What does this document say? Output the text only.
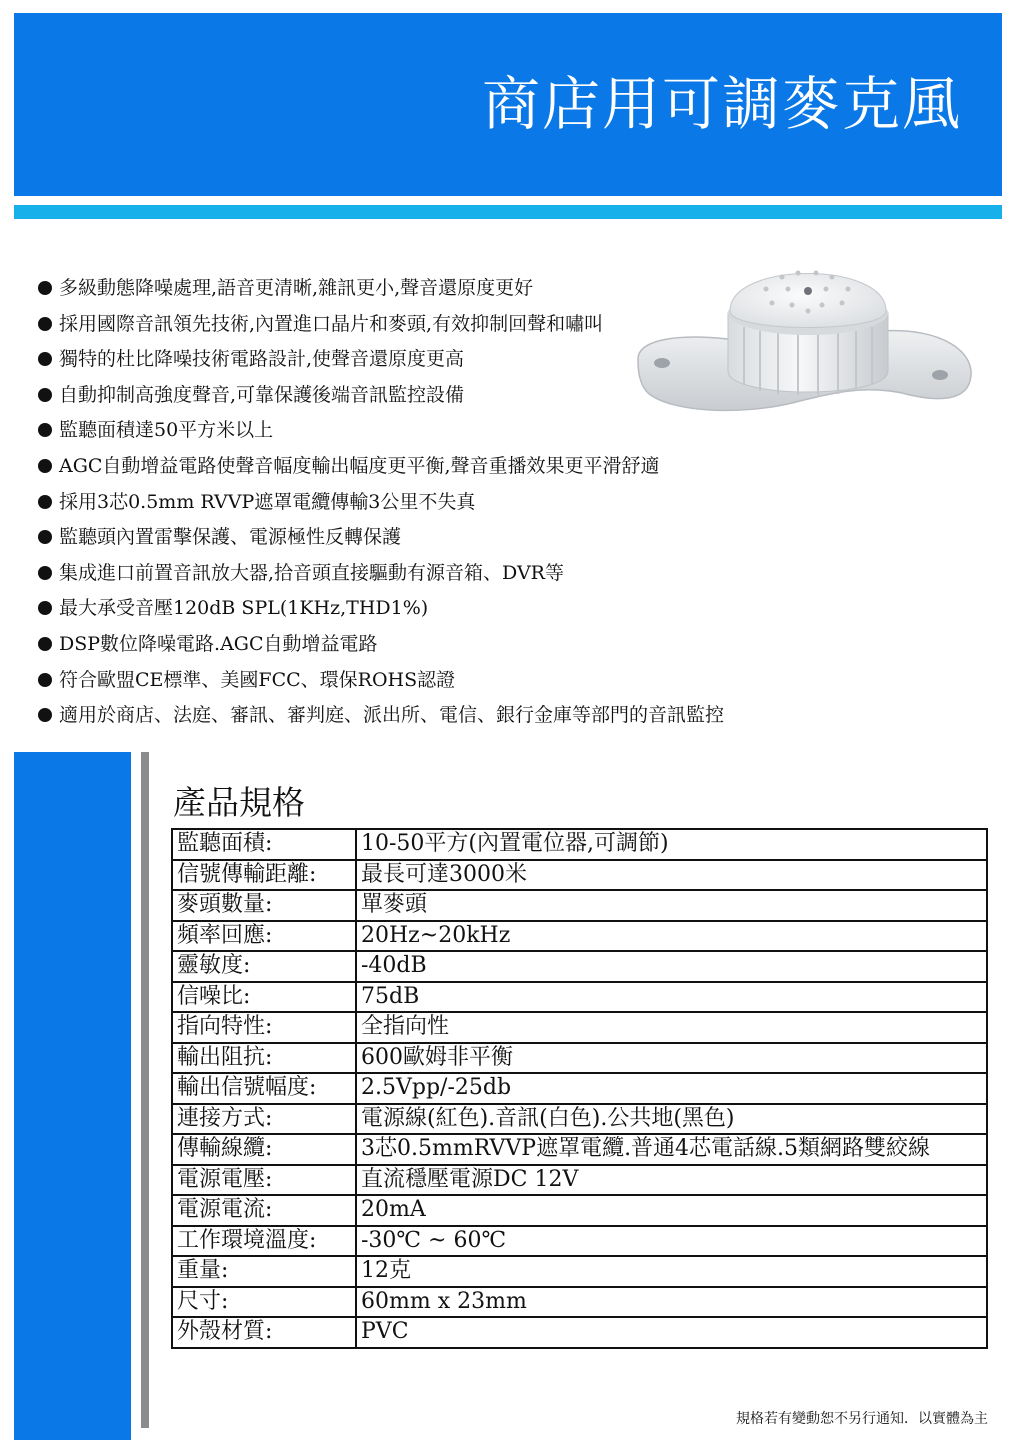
商店用可調麥克風
多級動態降噪處理,語音更清晰,雜訊更小,聲音還原度更好
採用國際音訊領先技術,內置進口晶片和麥頭,有效抑制回聲和嘯叫
獨特的杜比降噪技術電路設計,使聲音還原度更高
自動抑制高強度聲音,可靠保護後端音訊監控設備
監聽面積達50平方米以上
AGC自動增益電路使聲音幅度輸出幅度更平衡,聲音重播效果更平滑舒適
採用3芯0.5mm RVVP遮罩電纜傳輸3公里不失真
監聽頭內置雷擊保護、電源極性反轉保護
集成進口前置音訊放大器,拾音頭直接驅動有源音箱、DVR等
最大承受音壓120dB SPL(1KHz,THD1%)
DSP數位降噪電路.AGC自動增益電路
符合歐盟CE標準、美國FCC、環保ROHS認證
適用於商店、法庭、審訊、審判庭、派出所、電信、銀行金庫等部門的音訊監控
產品規格
監聽面積:	10-50平方(內置電位器,可調節)
信號傳輸距離:	最長可達3000米
麥頭數量:	單麥頭
頻率回應:	20Hz~20kHz
靈敏度:	-40dB
信噪比:	75dB
指向特性:	全指向性
輸出阻抗:	600歐姆非平衡
輸出信號幅度:	2.5Vpp/-25db
連接方式:	電源線(紅色).音訊(白色).公共地(黑色)
傳輸線纜:	3芯0.5mmRVVP遮罩電纜.普通4芯電話線.5類網路雙絞線
電源電壓:	直流穩壓電源DC 12V
電源電流:	20mA
工作環境溫度:	-30℃ ~ 60℃
重量:	12克
尺寸:	60mm x 23mm
外殼材質:	PVC
規格若有變動恕不另行通知．以實體為主
